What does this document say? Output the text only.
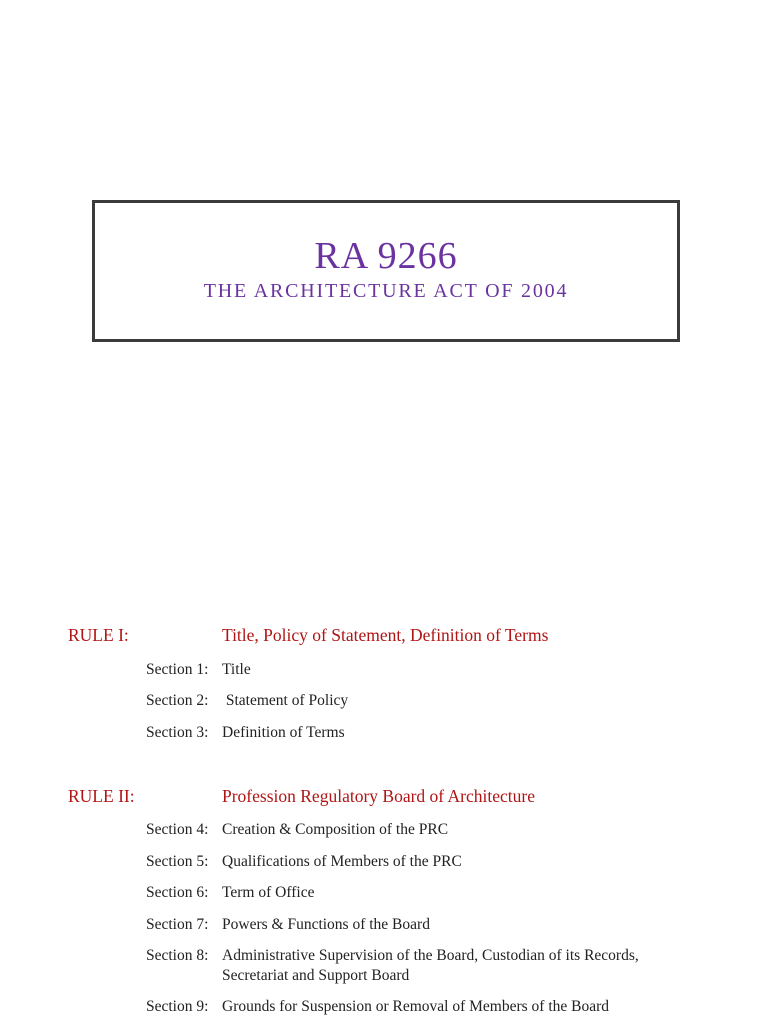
RA 9266
THE ARCHITECTURE ACT OF 2004
RULE I:	Title, Policy of Statement, Definition of Terms
Section 1: Title
Section 2: Statement of Policy
Section 3: Definition of Terms
RULE II:	Profession Regulatory Board of Architecture
Section 4: Creation & Composition of the PRC
Section 5: Qualifications of Members of the PRC
Section 6: Term of Office
Section 7: Powers & Functions of the Board
Section 8: Administrative Supervision of the Board, Custodian of its Records, Secretariat and Support Board
Section 9: Grounds for Suspension or Removal of Members of the Board
